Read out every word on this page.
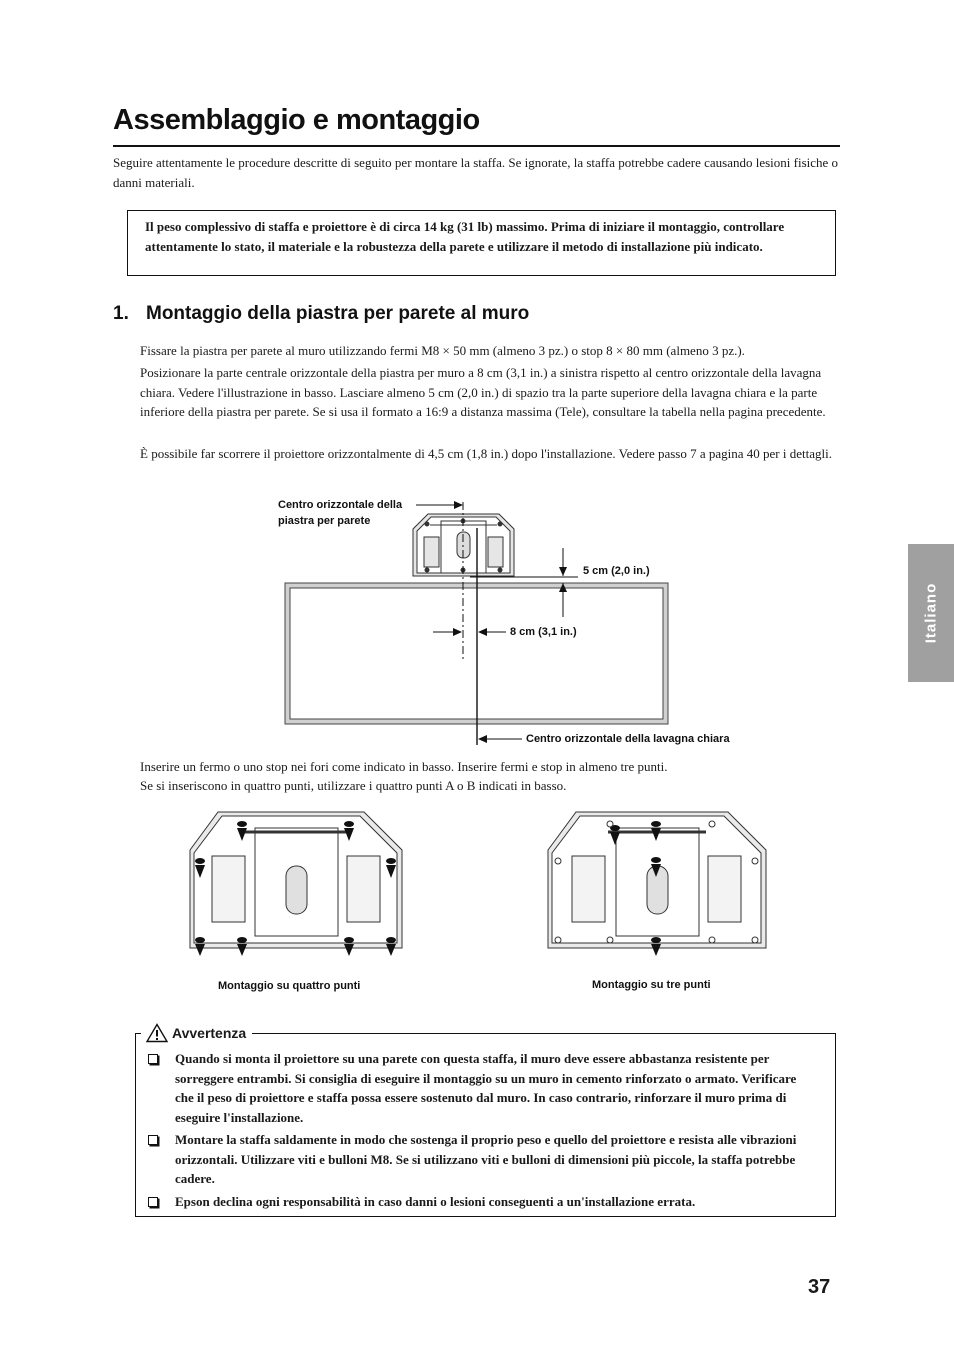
Assemblaggio e montaggio
Seguire attentamente le procedure descritte di seguito per montare la staffa. Se ignorate, la staffa potrebbe cadere causando lesioni fisiche o danni materiali.
Il peso complessivo di staffa e proiettore è di circa 14 kg (31 lb) massimo. Prima di iniziare il montaggio, controllare attentamente lo stato, il materiale e la robustezza della parete e utilizzare il metodo di installazione più indicato.
1. Montaggio della piastra per parete al muro
Fissare la piastra per parete al muro utilizzando fermi M8 × 50 mm (almeno 3 pz.) o stop 8 × 80 mm (almeno 3 pz.).
Posizionare la parte centrale orizzontale della piastra per muro a 8 cm (3,1 in.) a sinistra rispetto al centro orizzontale della lavagna chiara. Vedere l'illustrazione in basso. Lasciare almeno 5 cm (2,0 in.) di spazio tra la parte superiore della lavagna chiara e la parte inferiore della piastra per parete. Se si usa il formato a 16:9 a distanza massima (Tele), consultare la tabella nella pagina precedente.
È possibile far scorrere il proiettore orizzontalmente di 4,5 cm (1,8 in.) dopo l'installazione. Vedere passo 7 a pagina 40 per i dettagli.
Italiano
Centro orizzontale della
piastra per parete
5 cm (2,0 in.)
8 cm (3,1 in.)
Centro orizzontale della lavagna chiara
Inserire un fermo o uno stop nei fori come indicato in basso. Inserire fermi e stop in almeno tre punti.
Se si inseriscono in quattro punti, utilizzare i quattro punti A o B indicati in basso.
Montaggio su quattro punti	Montaggio su tre punti
Avvertenza
Quando si monta il proiettore su una parete con questa staffa, il muro deve essere abbastanza resistente per sorreggere entrambi. Si consiglia di eseguire il montaggio su un muro in cemento rinforzato o armato. Verificare che il peso di proiettore e staffa possa essere sostenuto dal muro. In caso contrario, rinforzare il muro prima di eseguire l'installazione.
Montare la staffa saldamente in modo che sostenga il proprio peso e quello del proiettore e resista alle vibrazioni orizzontali. Utilizzare viti e bulloni M8. Se si utilizzano viti e bulloni di dimensioni più piccole, la staffa potrebbe cadere.
Epson declina ogni responsabilità in caso danni o lesioni conseguenti a un'installazione errata.
37
